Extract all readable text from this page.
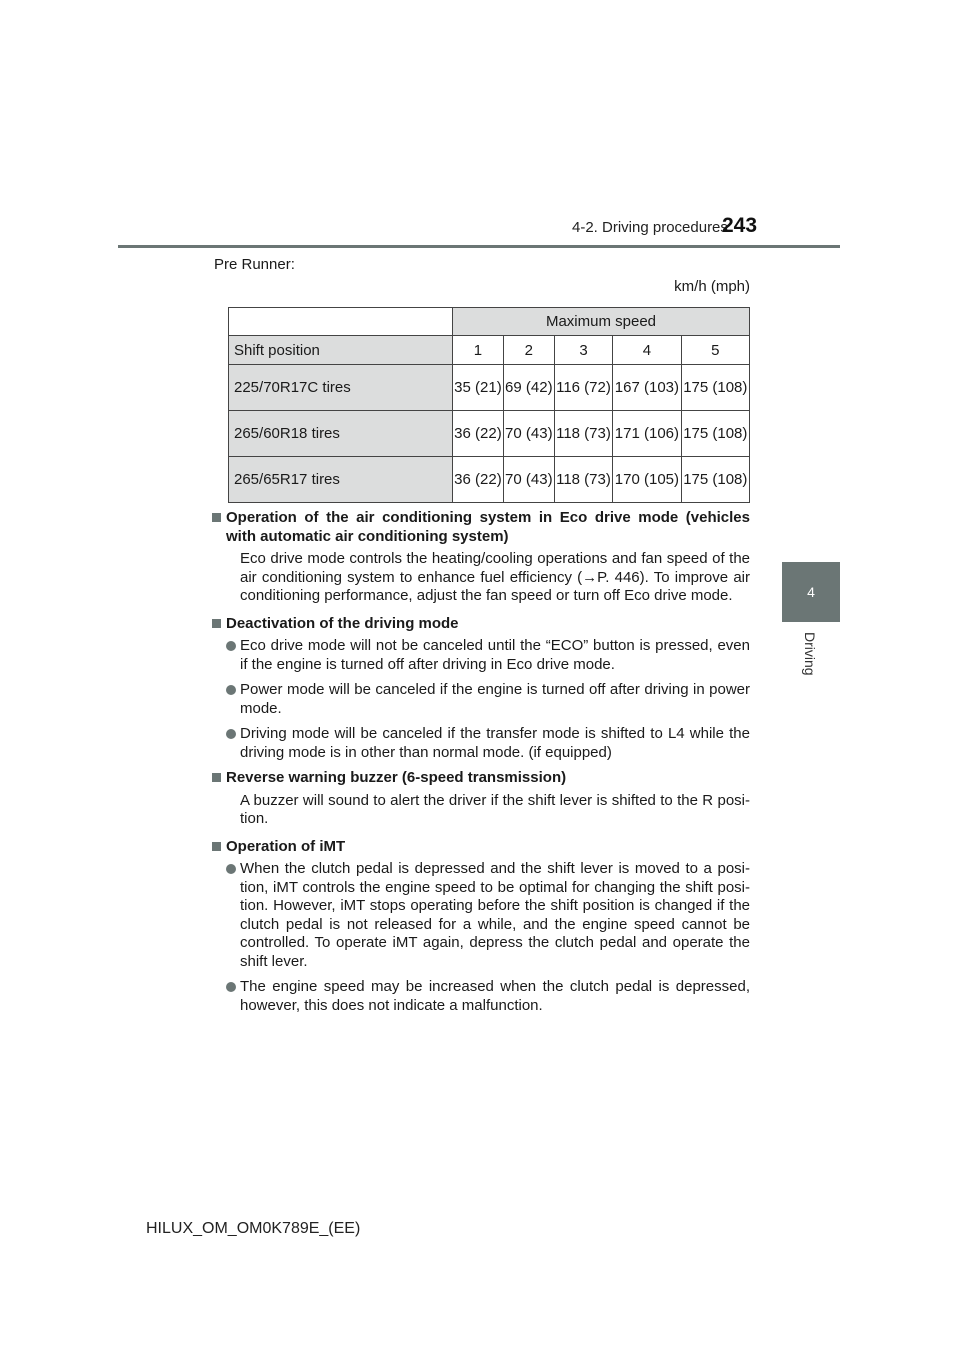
4-2. Driving procedures
243
4
Driving
Pre Runner:
km/h (mph)
	Maximum speed				
Shift position	1	2	3	4	5
225/70R17C tires	35 (21)	69 (42)	116 (72)	167 (103)	175 (108)
265/60R18 tires	36 (22)	70 (43)	118 (73)	171 (106)	175 (108)
265/65R17 tires	36 (22)	70 (43)	118 (73)	170 (105)	175 (108)
Operation of the air conditioning system in Eco drive mode (vehicles with automatic air conditioning system)
Eco drive mode controls the heating/cooling operations and fan speed of the air conditioning system to enhance fuel efficiency (→P. 446). To improve air conditioning performance, adjust the fan speed or turn off Eco drive mode.
Deactivation of the driving mode
Eco drive mode will not be canceled until the “ECO” button is pressed, even if the engine is turned off after driving in Eco drive mode.
Power mode will be canceled if the engine is turned off after driving in power mode.
Driving mode will be canceled if the transfer mode is shifted to L4 while the driving mode is in other than normal mode. (if equipped)
Reverse warning buzzer (6-speed transmission)
A buzzer will sound to alert the driver if the shift lever is shifted to the R posi-tion.
Operation of iMT
When the clutch pedal is depressed and the shift lever is moved to a posi-tion, iMT controls the engine speed to be optimal for changing the shift posi-tion. However, iMT stops operating before the shift position is changed if the clutch pedal is not released for a while, and the engine speed cannot be controlled. To operate iMT again, depress the clutch pedal and operate the shift lever.
The engine speed may be increased when the clutch pedal is depressed, however, this does not indicate a malfunction.
HILUX_OM_OM0K789E_(EE)
